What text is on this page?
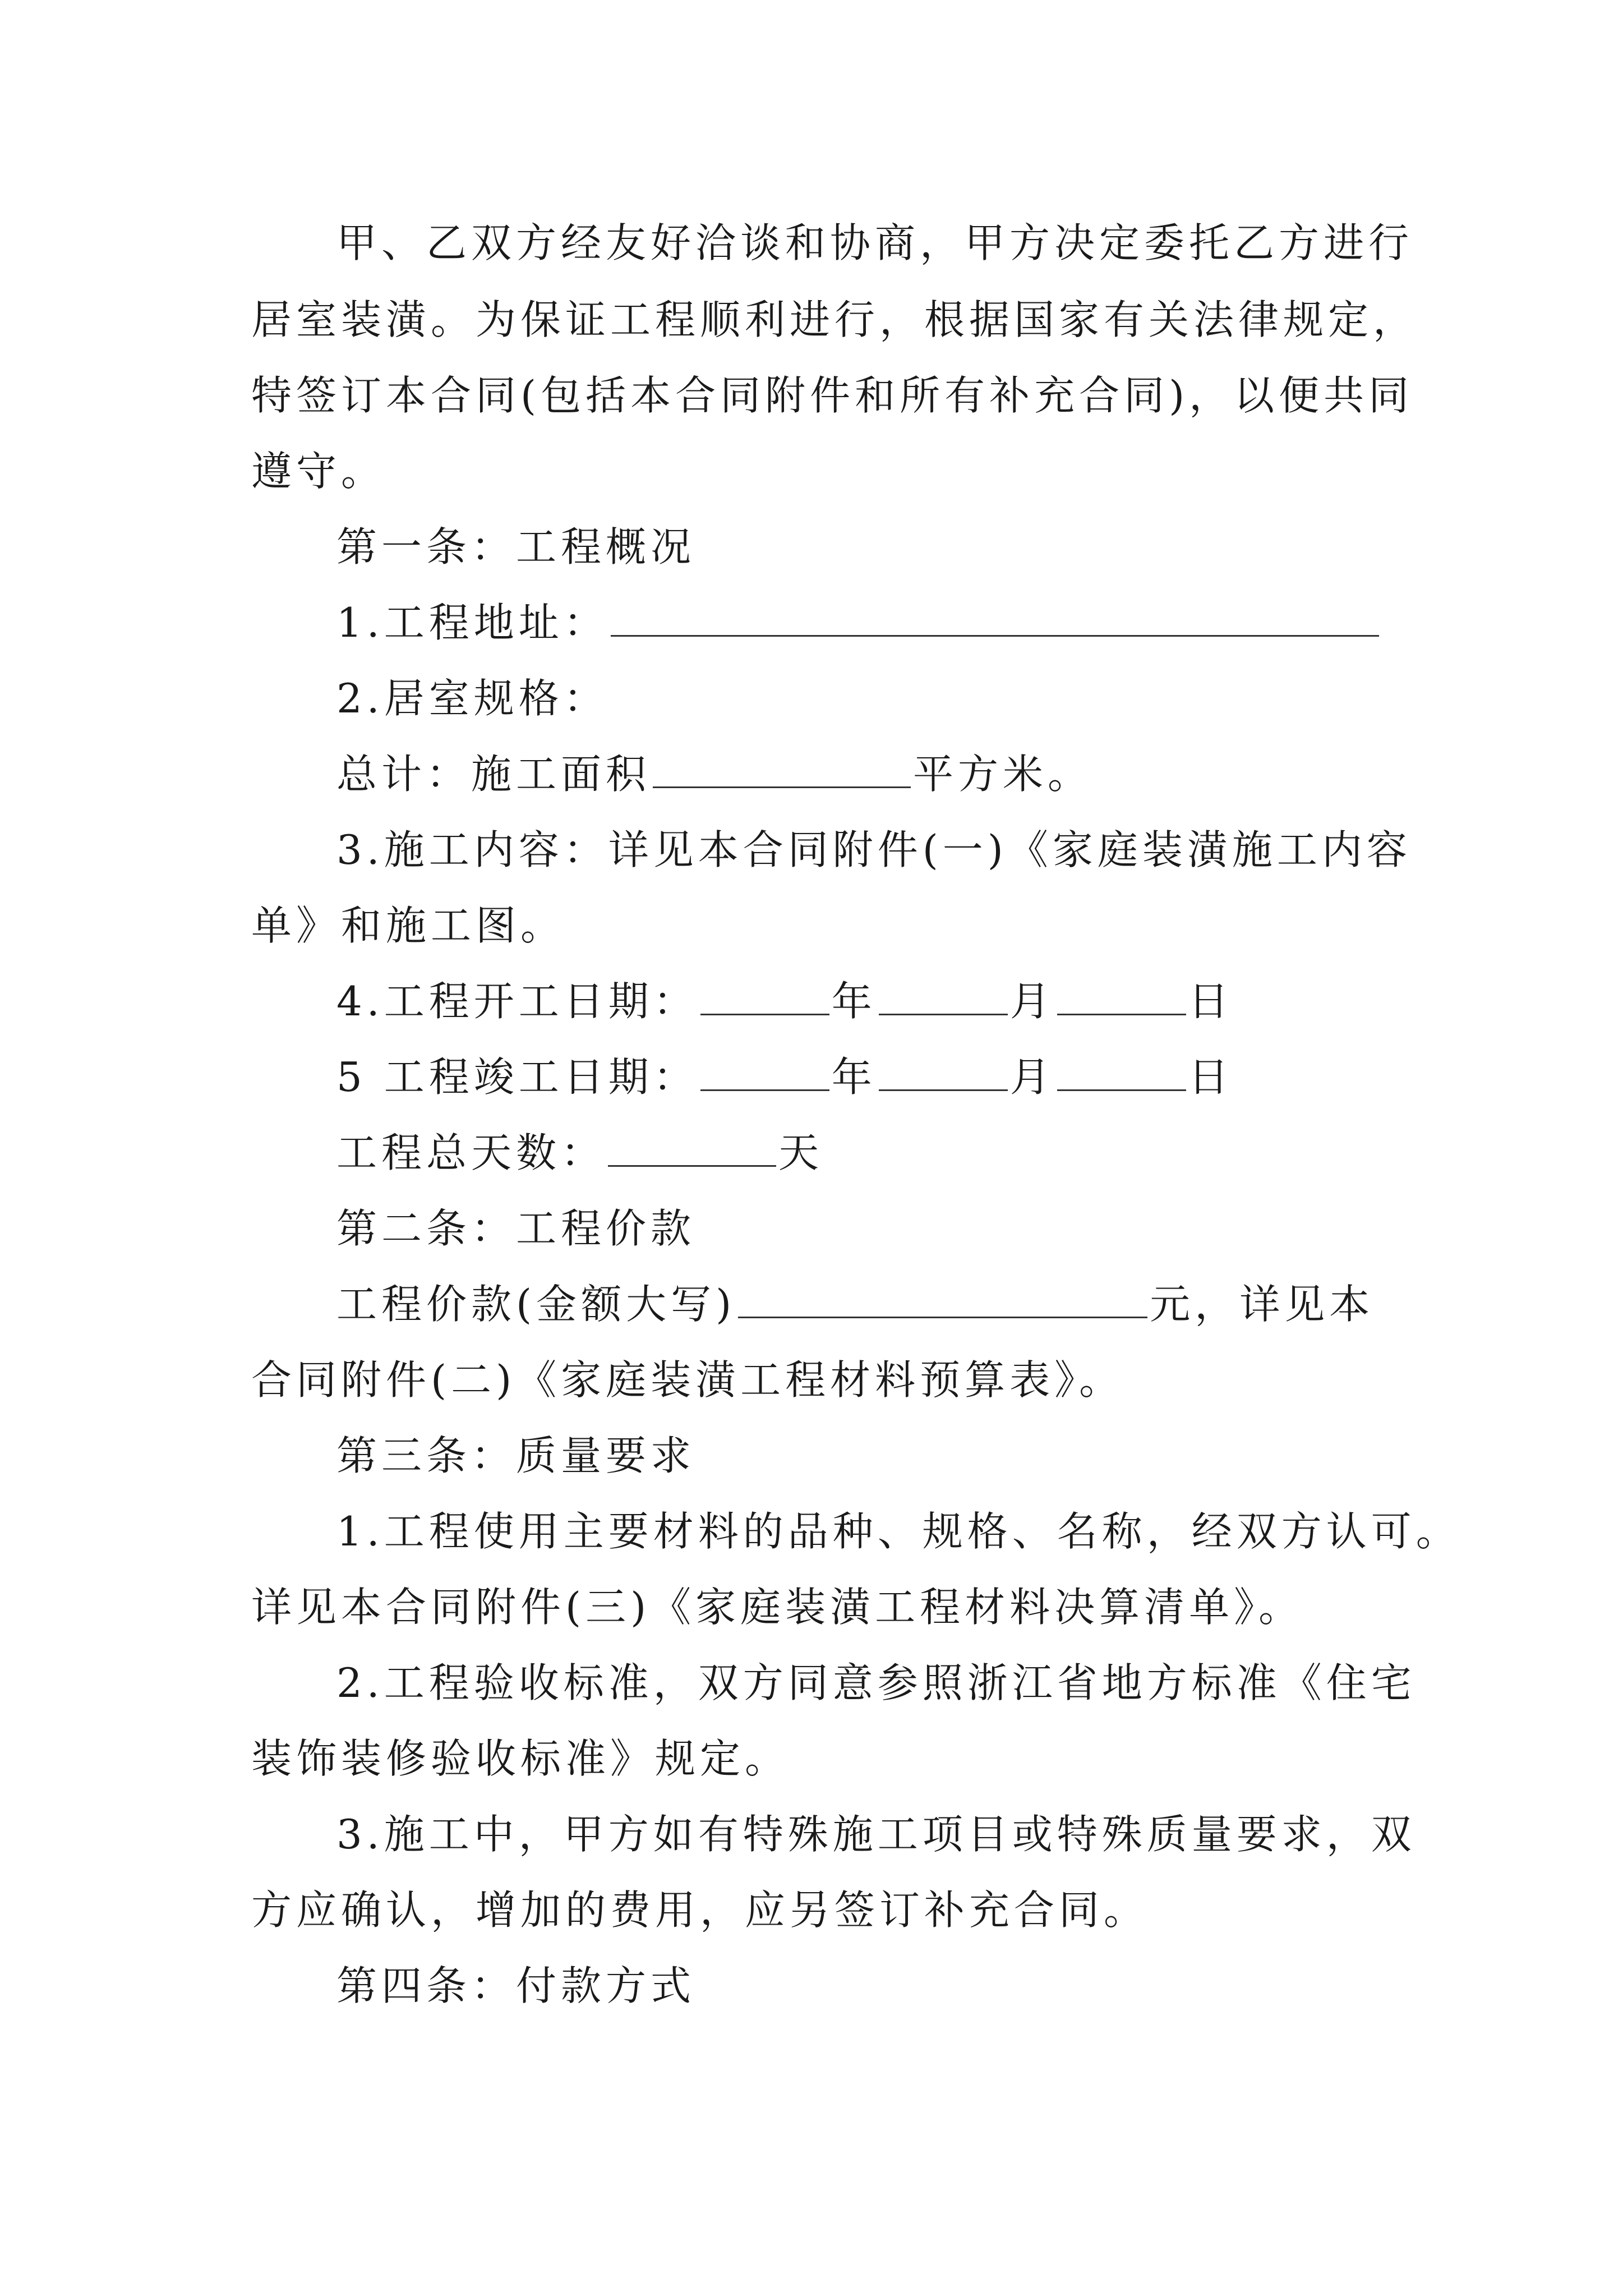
甲、乙双方经友好洽谈和协商，甲方决定委托乙方进行
居室装潢。为保证工程顺利进行，根据国家有关法律规定，
特签订本合同(包括本合同附件和所有补充合同)，以便共同
遵守。
第一条：工程概况
1.工程地址：
2.居室规格：
总计：施工面积	平方米。
3.施工内容：详见本合同附件(一)《家庭装潢施工内容
单》和施工图。
4.工程开工日期：	年	月	日
5 工程竣工日期：	年	月	日
工程总天数：	天
第二条：工程价款
工程价款(金额大写)	元，详见本
合同附件(二)《家庭装潢工程材料预算表》。
第三条：质量要求
1.工程使用主要材料的品种、规格、名称，经双方认可。
详见本合同附件(三)《家庭装潢工程材料决算清单》。
2.工程验收标准，双方同意参照浙江省地方标准《住宅
装饰装修验收标准》规定。
3.施工中，甲方如有特殊施工项目或特殊质量要求，双
方应确认，增加的费用，应另签订补充合同。
第四条：付款方式
